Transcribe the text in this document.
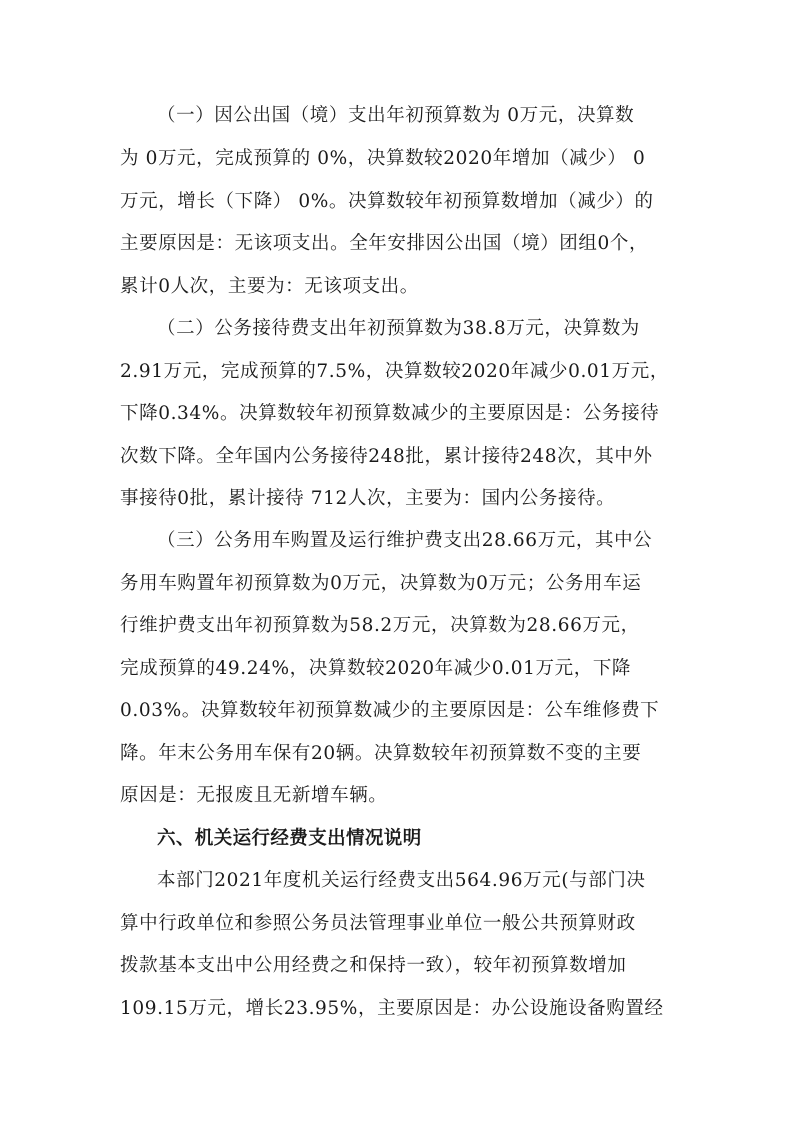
（一）因公出国（境）支出年初预算数为 0万元，决算数
为 0万元，完成预算的 0%，决算数较2020年增加（减少） 0
万元，增长（下降） 0%。决算数较年初预算数增加（减少）的
主要原因是：无该项支出。全年安排因公出国（境）团组0个，
累计0人次，主要为：无该项支出。
（二）公务接待费支出年初预算数为38.8万元，决算数为
2.91万元，完成预算的7.5%，决算数较2020年减少0.01万元，
下降0.34%。决算数较年初预算数减少的主要原因是：公务接待
次数下降。全年国内公务接待248批，累计接待248次，其中外
事接待0批，累计接待 712人次，主要为：国内公务接待。
（三）公务用车购置及运行维护费支出28.66万元，其中公
务用车购置年初预算数为0万元，决算数为0万元；公务用车运
行维护费支出年初预算数为58.2万元，决算数为28.66万元，
完成预算的49.24%，决算数较2020年减少0.01万元，下降
0.03%。决算数较年初预算数减少的主要原因是：公车维修费下
降。年末公务用车保有20辆。决算数较年初预算数不变的主要
原因是：无报废且无新增车辆。
六、机关运行经费支出情况说明
本部门2021年度机关运行经费支出564.96万元(与部门决
算中行政单位和参照公务员法管理事业单位一般公共预算财政
拨款基本支出中公用经费之和保持一致），较年初预算数增加
109.15万元，增长23.95%，主要原因是：办公设施设备购置经
